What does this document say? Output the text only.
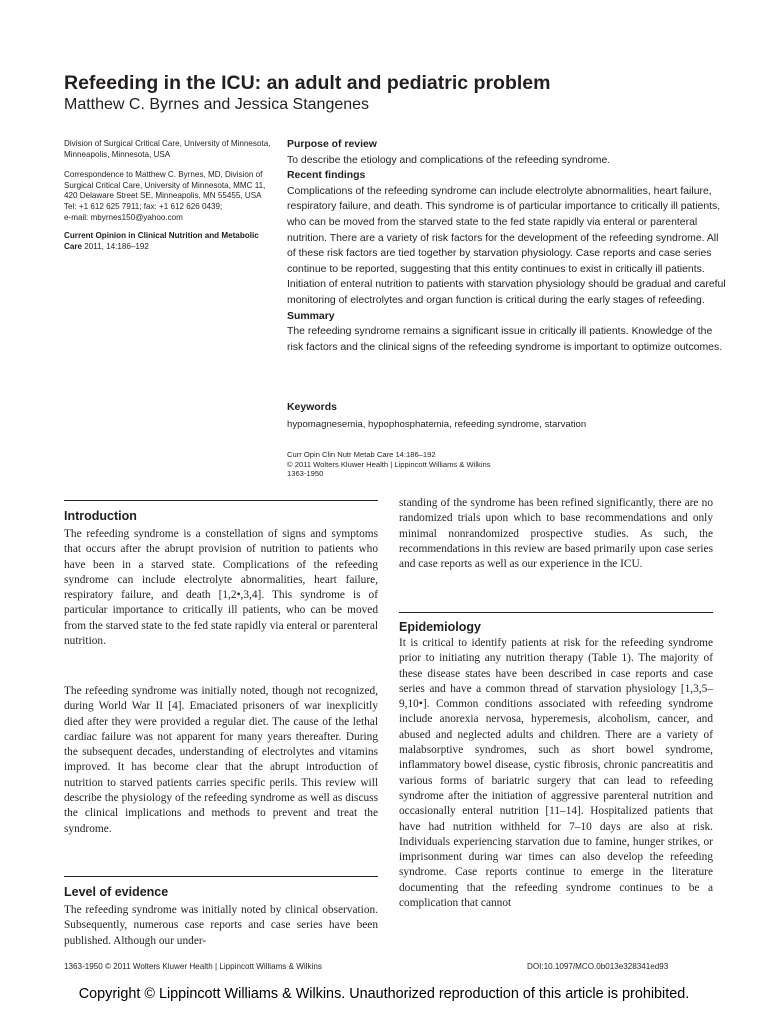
Refeeding in the ICU: an adult and pediatric problem
Matthew C. Byrnes and Jessica Stangenes

Division of Surgical Critical Care, University of Minnesota, Minneapolis, Minnesota, USA

Correspondence to Matthew C. Byrnes, MD, Division of Surgical Critical Care, University of Minnesota, MMC 11, 420 Delaware Street SE, Minneapolis, MN 55455, USA

Tel: +1 612 625 7911; fax: +1 612 626 0439;

e-mail: mbyrnes150@yahoo.com

Current Opinion in Clinical Nutrition and Metabolic Care 2011, 14:186–192

Purpose of review

To describe the etiology and complications of the refeeding syndrome.

Recent findings

Complications of the refeeding syndrome can include electrolyte abnormalities, heart failure, respiratory failure, and death. This syndrome is of particular importance to critically ill patients, who can be moved from the starved state to the fed state rapidly via enteral or parenteral nutrition. There are a variety of risk factors for the development of the refeeding syndrome. All of these risk factors are tied together by starvation physiology. Case reports and case series continue to be reported, suggesting that this entity continues to exist in critically ill patients. Initiation of enteral nutrition to patients with starvation physiology should be gradual and careful monitoring of electrolytes and organ function is critical during the early stages of refeeding.

Summary

The refeeding syndrome remains a significant issue in critically ill patients. Knowledge of the risk factors and the clinical signs of the refeeding syndrome is important to optimize outcomes.

Keywords
hypomagnesemia, hypophosphatemia, refeeding syndrome, starvation

Curr Opin Clin Nutr Metab Care 14:186–192

© 2011 Wolters Kluwer Health | Lippincott Williams & Wilkins

1363-1950

Introduction

The refeeding syndrome is a constellation of signs and symptoms that occurs after the abrupt provision of nutrition to patients who have been in a starved state. Complications of the refeeding syndrome can include electrolyte abnormalities, heart failure, respiratory failure, and death [1,2•,3,4]. This syndrome is of particular importance to critically ill patients, who can be moved from the starved state to the fed state rapidly via enteral or parenteral nutrition.

The refeeding syndrome was initially noted, though not recognized, during World War II [4]. Emaciated prisoners of war inexplicitly died after they were provided a regular diet. The cause of the lethal cardiac failure was not apparent for many years thereafter. During the subsequent decades, understanding of electrolytes and vitamins improved. It has become clear that the abrupt introduction of nutrition to starved patients carries specific perils. This review will describe the physiology of the refeeding syndrome as well as discuss the clinical implications and methods to prevent and treat the syndrome.

Level of evidence

The refeeding syndrome was initially noted by clinical observation. Subsequently, numerous case reports and case series have been published. Although our under-

standing of the syndrome has been refined significantly, there are no randomized trials upon which to base recommendations and only minimal nonrandomized prospective studies. As such, the recommendations in this review are based primarily upon case series and case reports as well as our experience in the ICU.

Epidemiology

It is critical to identify patients at risk for the refeeding syndrome prior to initiating any nutrition therapy (Table 1). The majority of these disease states have been described in case reports and case series and have a common thread of starvation physiology [1,3,5–9,10•]. Common conditions associated with refeeding syndrome include anorexia nervosa, hyperemesis, alcoholism, cancer, and abused and neglected adults and children. There are a variety of malabsorptive syndromes, such as short bowel syndrome, inflammatory bowel disease, cystic fibrosis, chronic pancreatitis and various forms of bariatric surgery that can lead to refeeding syndrome after the initiation of aggressive parenteral nutrition and occasionally enteral nutrition [11–14]. Hospitalized patients that have had nutrition withheld for 7–10 days are also at risk. Individuals experiencing starvation due to famine, hunger strikes, or imprisonment during war times can also develop the refeeding syndrome. Case reports continue to emerge in the literature documenting that the refeeding syndrome continues to be a complication that cannot

1363-1950 © 2011 Wolters Kluwer Health | Lippincott Williams & Wilkins	DOI:10.1097/MCO.0b013e328341ed93
Copyright © Lippincott Williams & Wilkins. Unauthorized reproduction of this article is prohibited.
